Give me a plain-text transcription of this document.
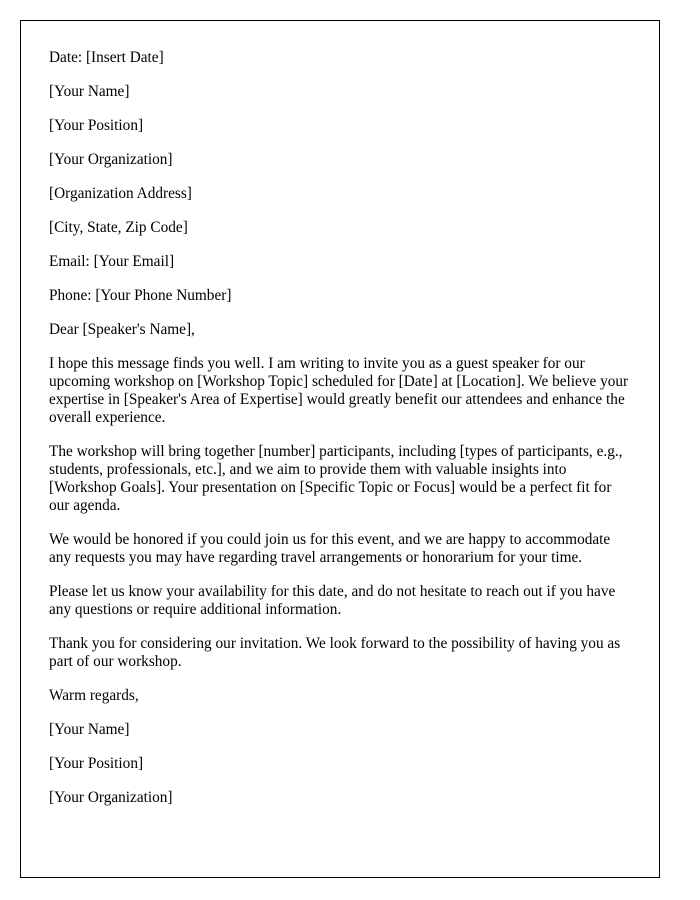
Date: [Insert Date]

[Your Name]

[Your Position]

[Your Organization]

[Organization Address]

[City, State, Zip Code]

Email: [Your Email]

Phone: [Your Phone Number]

Dear [Speaker's Name],

I hope this message finds you well. I am writing to invite you as a guest speaker for our upcoming workshop on [Workshop Topic] scheduled for [Date] at [Location]. We believe your expertise in [Speaker's Area of Expertise] would greatly benefit our attendees and enhance the overall experience.

The workshop will bring together [number] participants, including [types of participants, e.g., students, professionals, etc.], and we aim to provide them with valuable insights into [Workshop Goals]. Your presentation on [Specific Topic or Focus] would be a perfect fit for our agenda.

We would be honored if you could join us for this event, and we are happy to accommodate any requests you may have regarding travel arrangements or honorarium for your time.

Please let us know your availability for this date, and do not hesitate to reach out if you have any questions or require additional information.

Thank you for considering our invitation. We look forward to the possibility of having you as part of our workshop.

Warm regards,

[Your Name]

[Your Position]

[Your Organization]
